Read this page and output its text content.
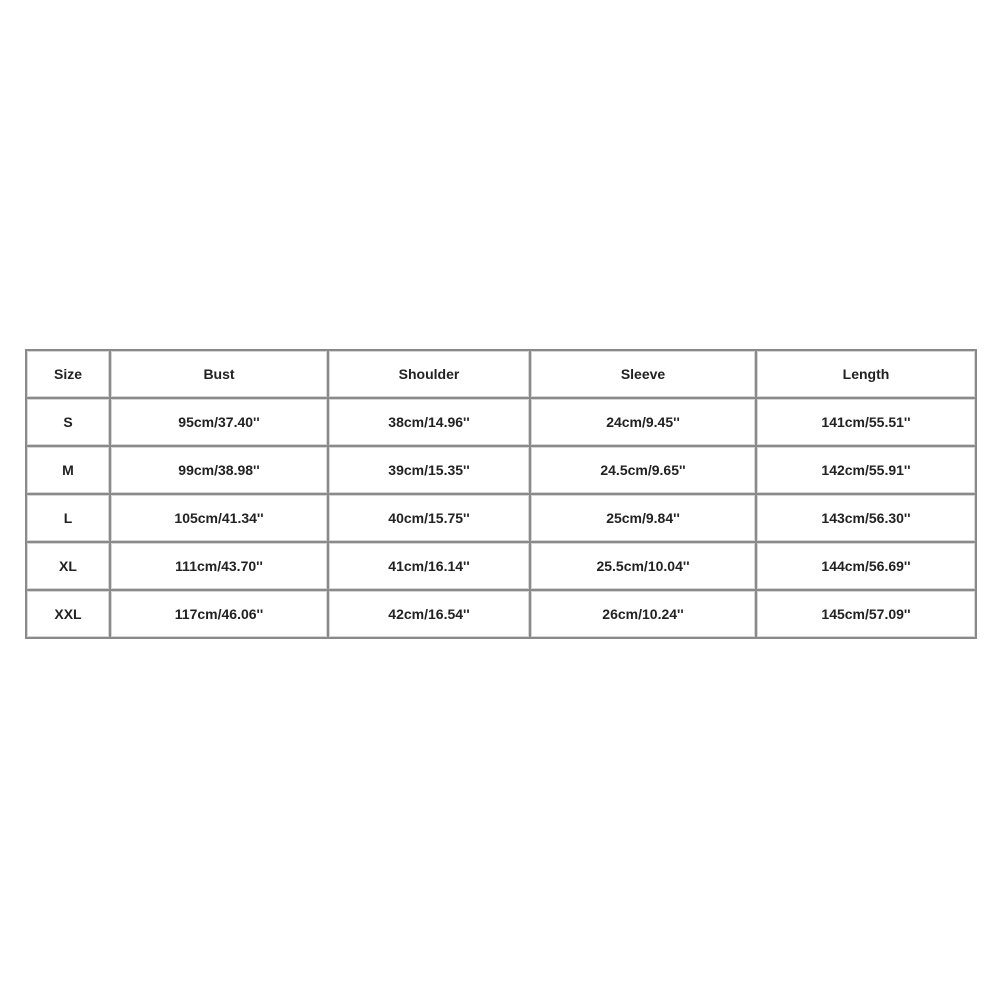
Size	Bust	Shoulder	Sleeve	Length
S	95cm/37.40''	38cm/14.96''	24cm/9.45''	141cm/55.51''
M	99cm/38.98''	39cm/15.35''	24.5cm/9.65''	142cm/55.91''
L	105cm/41.34''	40cm/15.75''	25cm/9.84''	143cm/56.30''
XL	111cm/43.70''	41cm/16.14''	25.5cm/10.04''	144cm/56.69''
XXL	117cm/46.06''	42cm/16.54''	26cm/10.24''	145cm/57.09''
